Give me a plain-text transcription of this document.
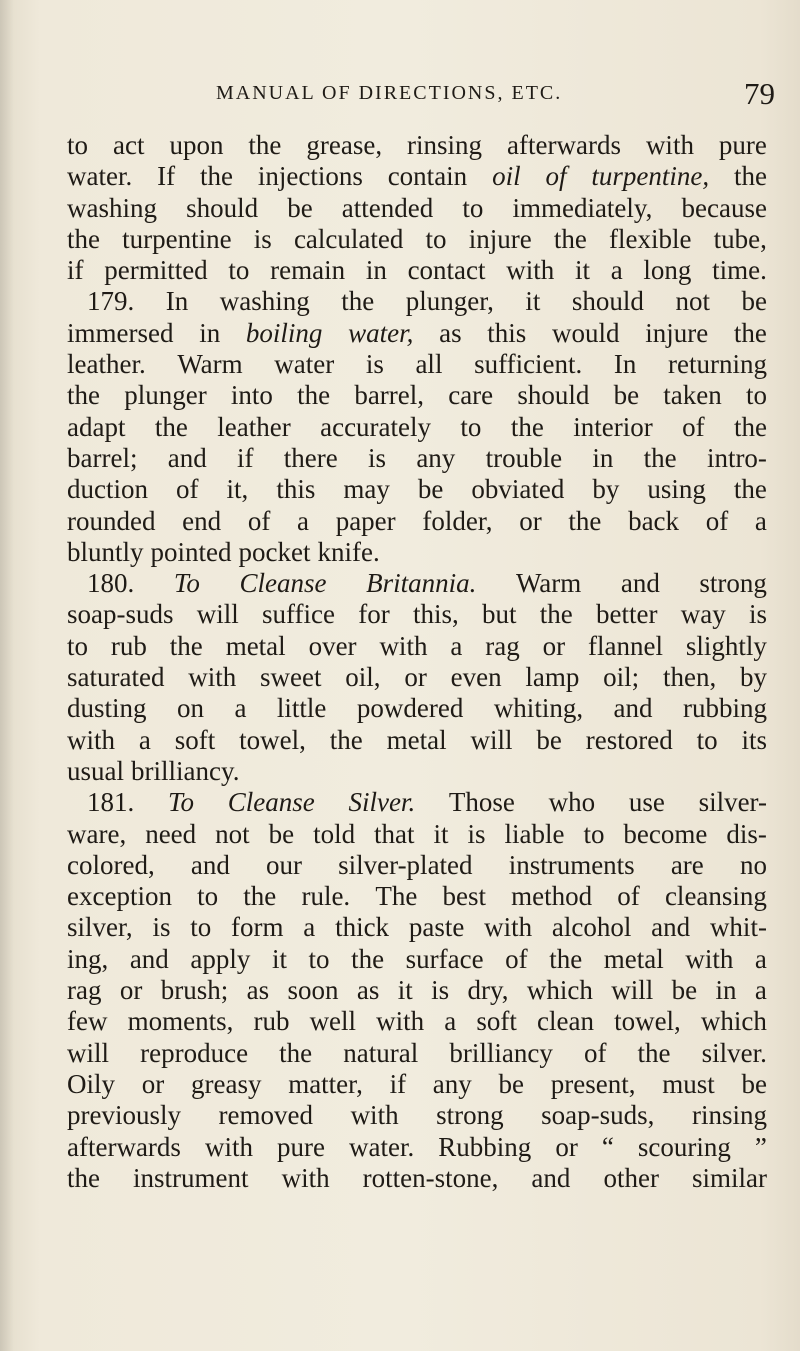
MANUAL OF DIRECTIONS, ETC.	79
to act upon the grease, rinsing afterwards with pure
water. If the injections contain oil of turpentine, the
washing should be attended to immediately, because
the turpentine is calculated to injure the flexible tube,
if permitted to remain in contact with it a long time.
179. In washing the plunger, it should not be
immersed in boiling water, as this would injure the
leather. Warm water is all sufficient. In returning
the plunger into the barrel, care should be taken to
adapt the leather accurately to the interior of the
barrel; and if there is any trouble in the intro-
duction of it, this may be obviated by using the
rounded end of a paper folder, or the back of a
bluntly pointed pocket knife.
180. To Cleanse Britannia. Warm and strong
soap-suds will suffice for this, but the better way is
to rub the metal over with a rag or flannel slightly
saturated with sweet oil, or even lamp oil; then, by
dusting on a little powdered whiting, and rubbing
with a soft towel, the metal will be restored to its
usual brilliancy.
181. To Cleanse Silver. Those who use silver-
ware, need not be told that it is liable to become dis-
colored, and our silver-plated instruments are no
exception to the rule. The best method of cleansing
silver, is to form a thick paste with alcohol and whit-
ing, and apply it to the surface of the metal with a
rag or brush; as soon as it is dry, which will be in a
few moments, rub well with a soft clean towel, which
will reproduce the natural brilliancy of the silver.
Oily or greasy matter, if any be present, must be
previously removed with strong soap-suds, rinsing
afterwards with pure water. Rubbing or “ scouring ”
the instrument with rotten-stone, and other similar
